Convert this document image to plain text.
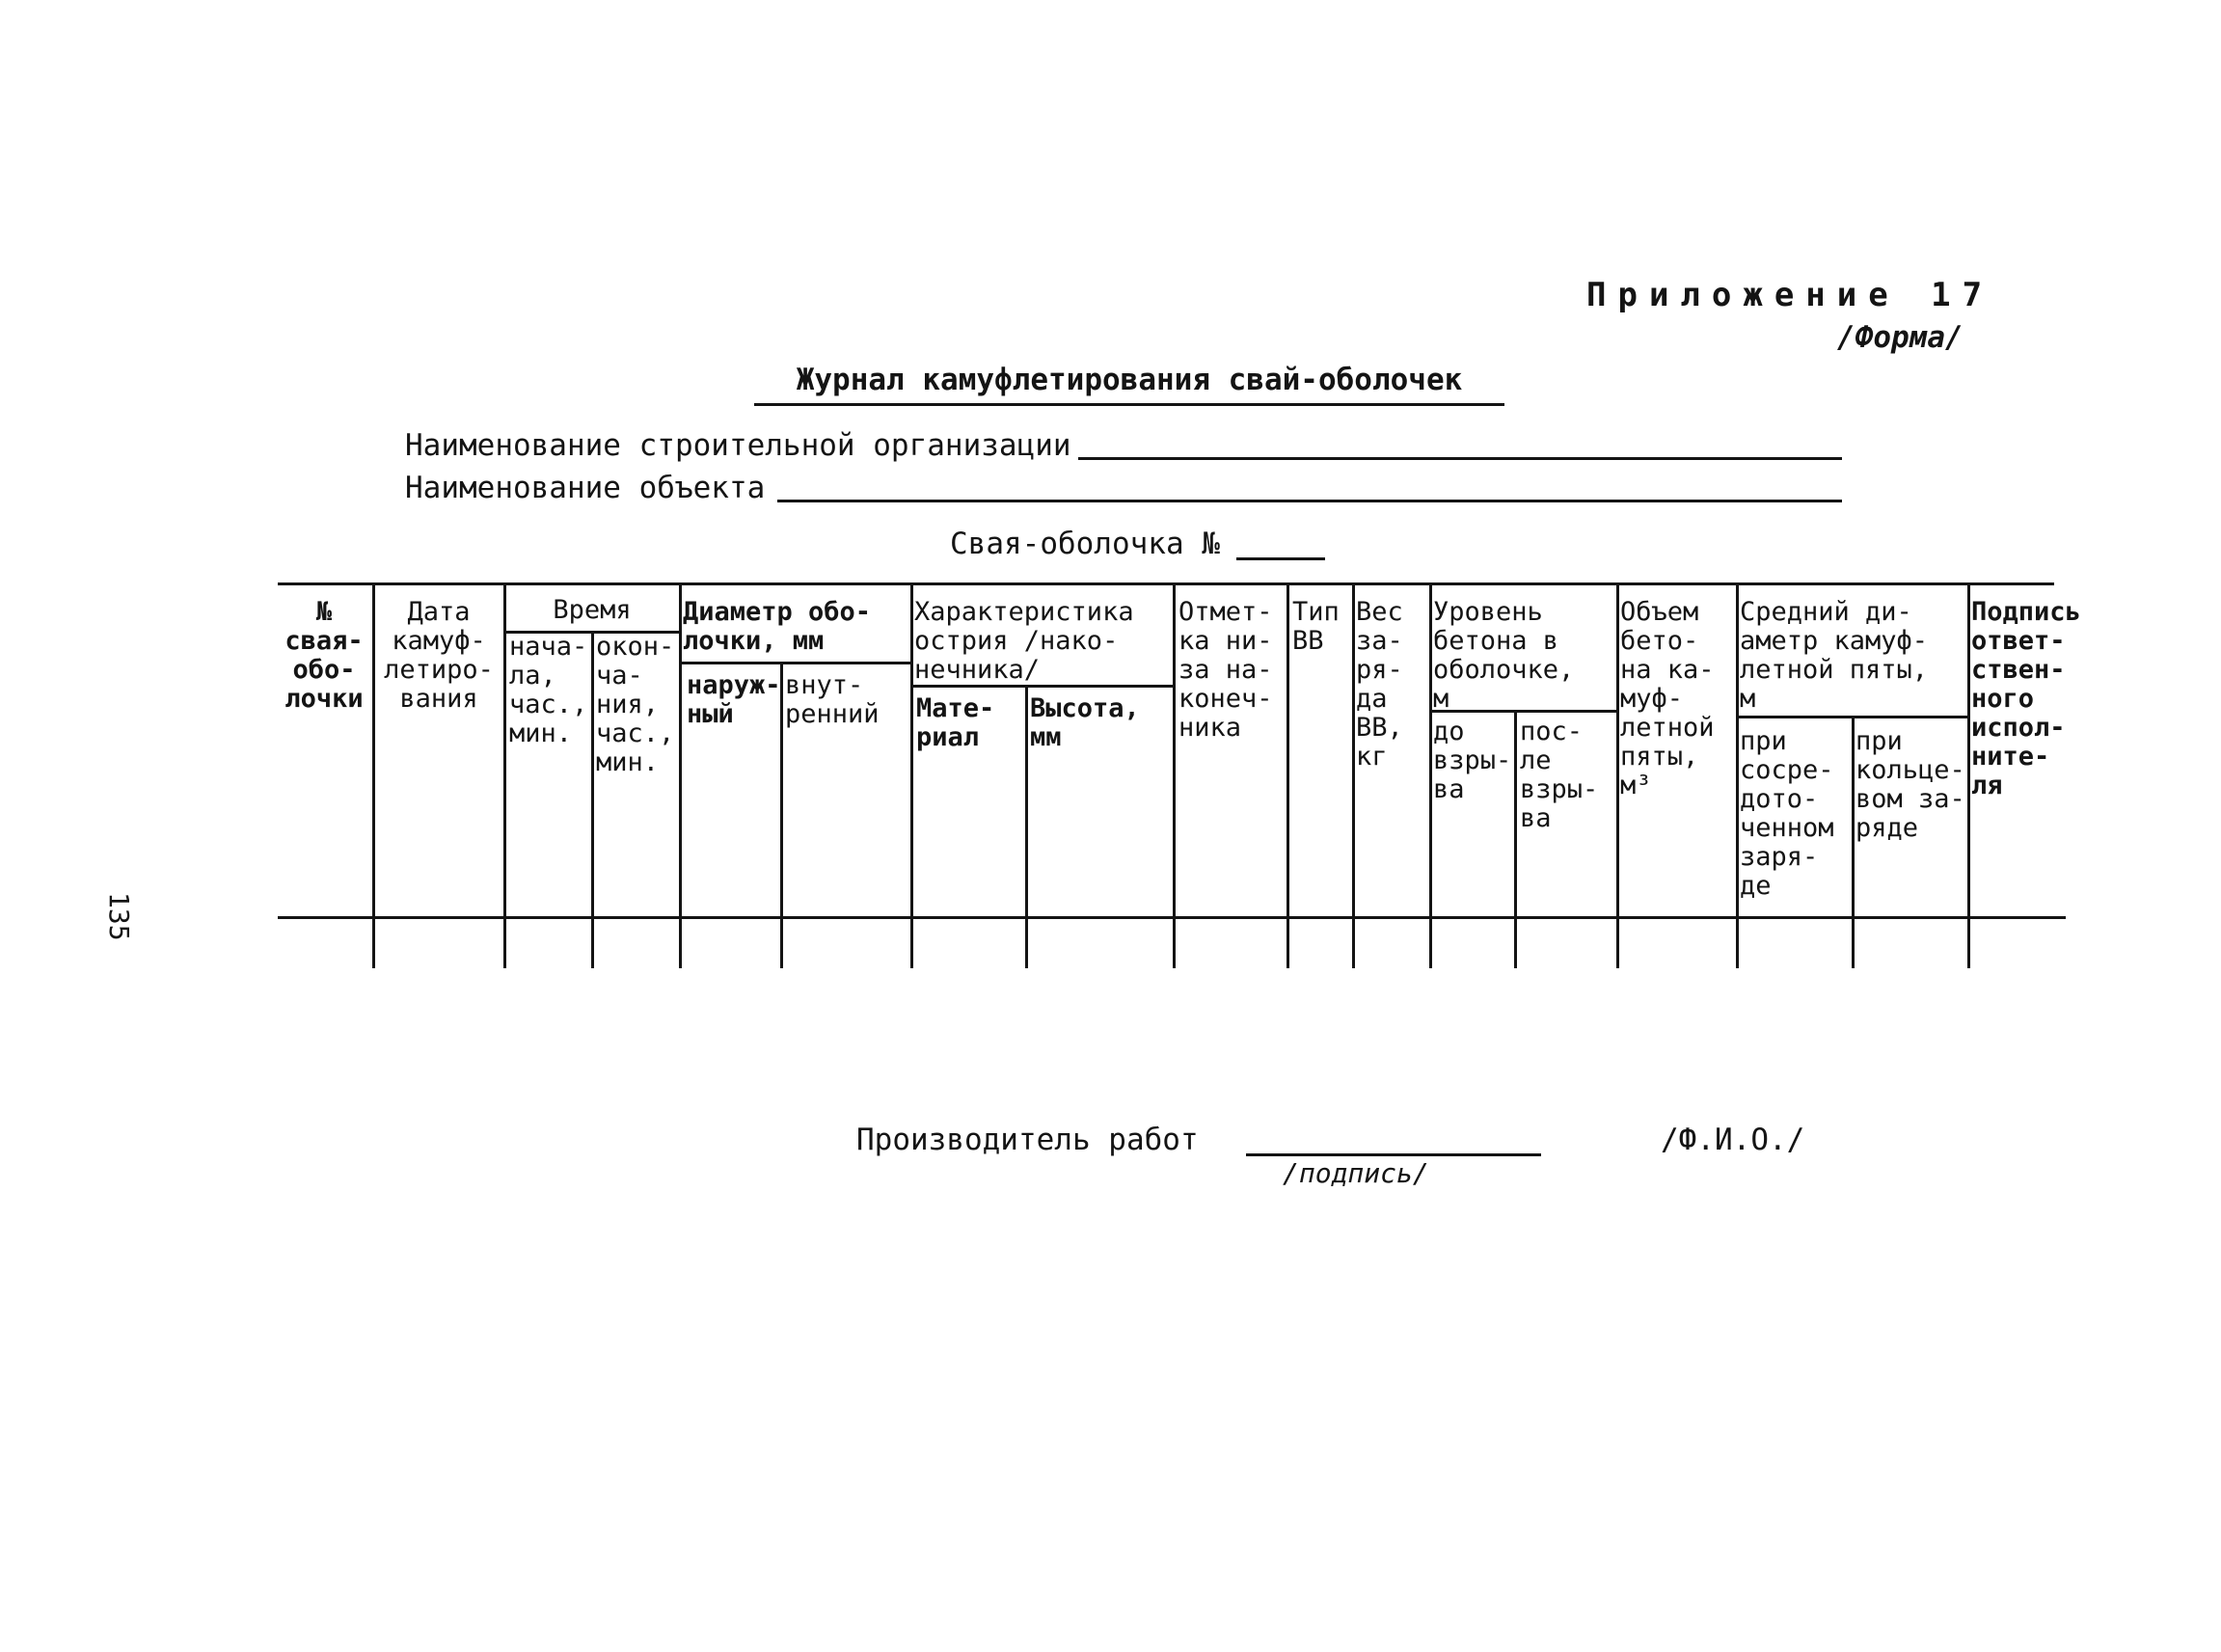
Приложение 17
/Форма/
Журнал камуфлетирования свай-оболочек
Наименование строительной организации
Наименование объекта
Свая-оболочка №
135
№
свая-
обо-
лочки
Дата
камуф-
летиро-
вания
Время
нача-
ла,
час.,
мин.
окон-
ча-
ния,
час.,
мин.
Диаметр обо-
лочки, мм
наруж-
ный
внут-
ренний
Характеристика
острия /нако-
нечника/
Мате-
риал
Высота,
мм
Отмет-
ка ни-
за на-
конеч-
ника
Тип
ВВ
Вес
за-
ря-
да
ВВ,
кг
Уровень
бетона в
оболочке,
м
до
взры-
ва
пос-
ле
взры-
ва
Объем
бето-
на ка-
муф-
летной
пяты,
м³
Средний ди-
аметр камуф-
летной пяты,
м
при
сосре-
дото-
ченном
заря-
де
при
кольце-
вом за-
ряде
Подпись
ответ-
ствен-
ного
испол-
ните-
ля
Производитель работ
/подпись/
/Ф.И.О./
